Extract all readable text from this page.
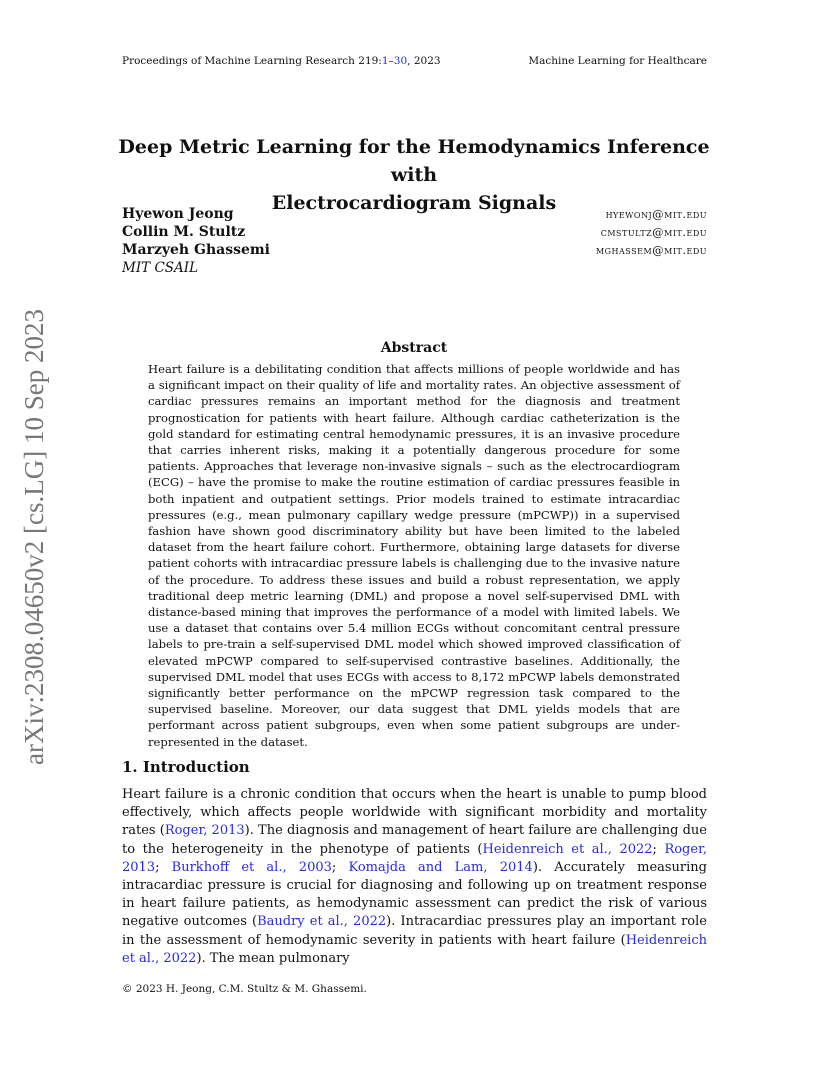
Proceedings of Machine Learning Research 219:1–30, 2023	Machine Learning for Healthcare
Deep Metric Learning for the Hemodynamics Inference with
Electrocardiogram Signals
Hyewon Jeong	hyewonj@mit.edu
Collin M. Stultz	cmstultz@mit.edu
Marzyeh Ghassemi	mghassem@mit.edu
MIT CSAIL
arXiv:2308.04650v2 [cs.LG] 10 Sep 2023	Abstract
Heart failure is a debilitating condition that affects millions of people worldwide and has a significant impact on their quality of life and mortality rates. An objective assessment of cardiac pressures remains an important method for the diagnosis and treatment prognostication for patients with heart failure. Although cardiac catheterization is the gold standard for estimating central hemodynamic pressures, it is an invasive procedure that carries inherent risks, making it a potentially dangerous procedure for some patients. Approaches that leverage non-invasive signals – such as the electrocardiogram (ECG) – have the promise to make the routine estimation of cardiac pressures feasible in both inpatient and outpatient settings. Prior models trained to estimate intracardiac pressures (e.g., mean pulmonary capillary wedge pressure (mPCWP)) in a supervised fashion have shown good discriminatory ability but have been limited to the labeled dataset from the heart failure cohort. Furthermore, obtaining large datasets for diverse patient cohorts with intracardiac pressure labels is challenging due to the invasive nature of the procedure. To address these issues and build a robust representation, we apply traditional deep metric learning (DML) and propose a novel self-supervised DML with distance-based mining that improves the performance of a model with limited labels. We use a dataset that contains over 5.4 million ECGs without concomitant central pressure labels to pre-train a self-supervised DML model which showed improved classification of elevated mPCWP compared to self-supervised contrastive baselines. Additionally, the supervised DML model that uses ECGs with access to 8,172 mPCWP labels demonstrated significantly better performance on the mPCWP regression task compared to the supervised baseline. Moreover, our data suggest that DML yields models that are performant across patient subgroups, even when some patient subgroups are under-represented in the dataset.
1. Introduction
Heart failure is a chronic condition that occurs when the heart is unable to pump blood effectively, which affects people worldwide with significant morbidity and mortality rates (Roger, 2013). The diagnosis and management of heart failure are challenging due to the heterogeneity in the phenotype of patients (Heidenreich et al., 2022; Roger, 2013; Burkhoff et al., 2003; Komajda and Lam, 2014). Accurately measuring intracardiac pressure is crucial for diagnosing and following up on treatment response in heart failure patients, as hemodynamic assessment can predict the risk of various negative outcomes (Baudry et al., 2022). Intracardiac pressures play an important role in the assessment of hemodynamic severity in patients with heart failure (Heidenreich et al., 2022). The mean pulmonary
© 2023 H. Jeong, C.M. Stultz & M. Ghassemi.
